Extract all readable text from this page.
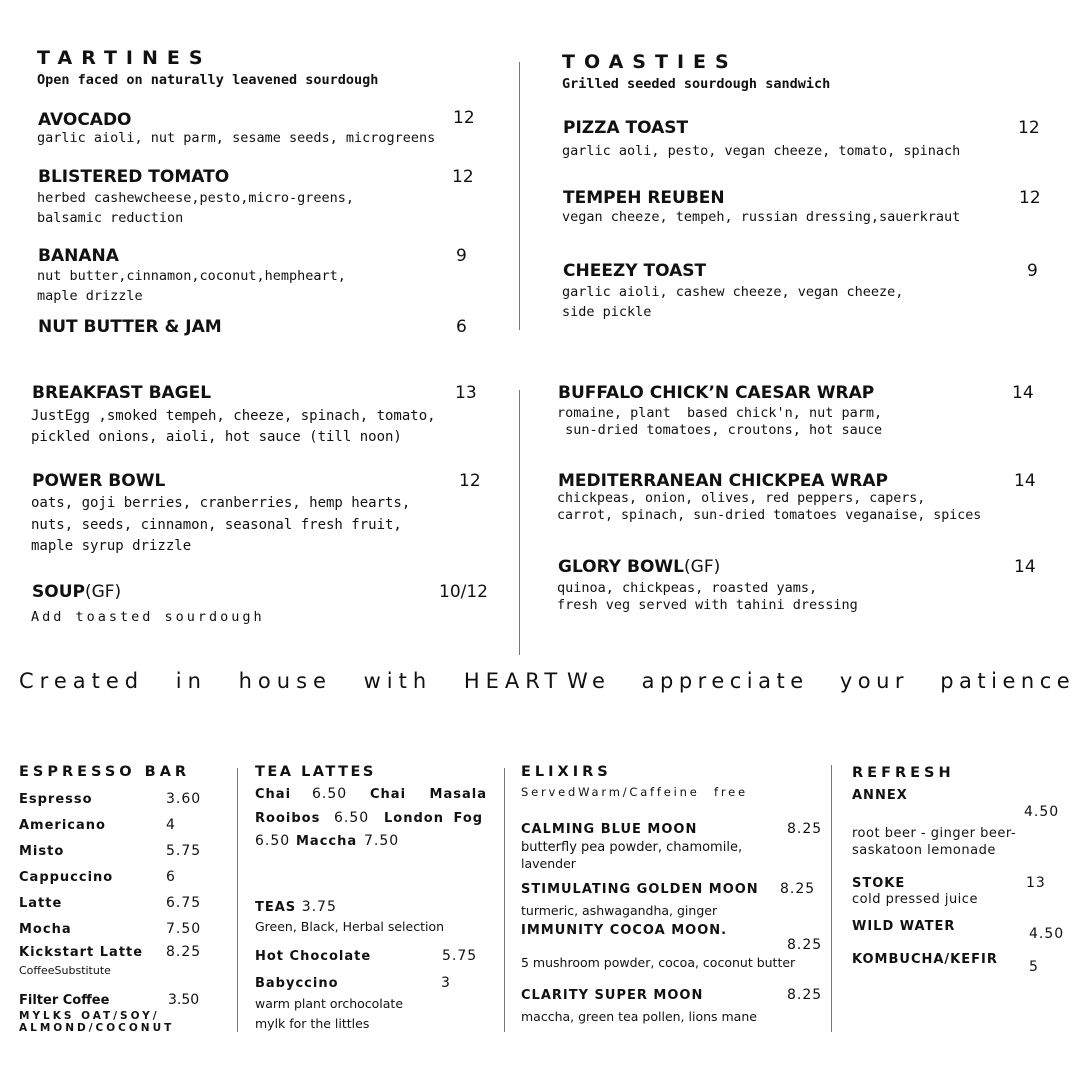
TARTINES
Open faced on naturally leavened sourdough
AVOCADO	12
garlic aioli, nut parm, sesame seeds, microgreens
BLISTERED TOMATO	12
herbed cashewcheese,pesto,micro-greens,
balsamic reduction
BANANA	9
nut butter,cinnamon,coconut,hempheart,
maple drizzle
NUT BUTTER & JAM	6
TOASTIES
Grilled seeded sourdough sandwich
PIZZA TOAST	12
garlic aoli, pesto, vegan cheeze, tomato, spinach
TEMPEH REUBEN	12
vegan cheeze, tempeh, russian dressing,sauerkraut
CHEEZY TOAST	9
garlic aioli, cashew cheeze, vegan cheeze,
side pickle
BREAKFAST BAGEL	13
JustEgg ,smoked tempeh, cheeze, spinach, tomato,
pickled onions, aioli, hot sauce (till noon)
POWER BOWL	12
oats, goji berries, cranberries, hemp hearts,
nuts, seeds, cinnamon, seasonal fresh fruit,
maple syrup drizzle
SOUP(GF)	10/12
Add toasted sourdough
BUFFALO CHICK’N CAESAR WRAP	14
romaine, plant  based chick'n, nut parm,
sun-dried tomatoes, croutons, hot sauce
MEDITERRANEAN CHICKPEA WRAP	14
chickpeas, onion, olives, red peppers, capers,
carrot, spinach, sun-dried tomatoes veganaise, spices
GLORY BOWL(GF)	14
quinoa, chickpeas, roasted yams,
fresh veg served with tahini dressing
Created in house with HEART We appreciate your patience
ESPRESSO BAR
Espresso	3.60
Americano	4
Misto	5.75
Cappuccino	6
Latte	6.75
Mocha	7.50
Kickstart Latte 8.25
CoffeeSubstitute
Filter Coffee	3.50
MYLKS OAT/SOY/
ALMOND/COCONUT
TEA LATTES
Chai 6.50 Chai Masala
Rooibos 6.50 London Fog
6.50 Maccha 7.50
TEAS 3.75
Green, Black, Herbal selection
Hot Chocolate	5.75
Babyccino	3
warm plant orchocolate
mylk for the littles
ELIXIRS
ServedWarm/Caffeine free
CALMING BLUE MOON	8.25
butterfly pea powder, chamomile,
lavender
STIMULATING GOLDEN MOON 8.25
turmeric, ashwagandha, ginger
IMMUNITY COCOA MOON.
8.25
5 mushroom powder, cocoa, coconut butter
CLARITY SUPER MOON	8.25
maccha, green tea pollen, lions mane
REFRESH
ANNEX
4.50
root beer - ginger beer-
saskatoon lemonade
STOKE	13
cold pressed juice
WILD WATER	4.50
KOMBUCHA/KEFIR 5
